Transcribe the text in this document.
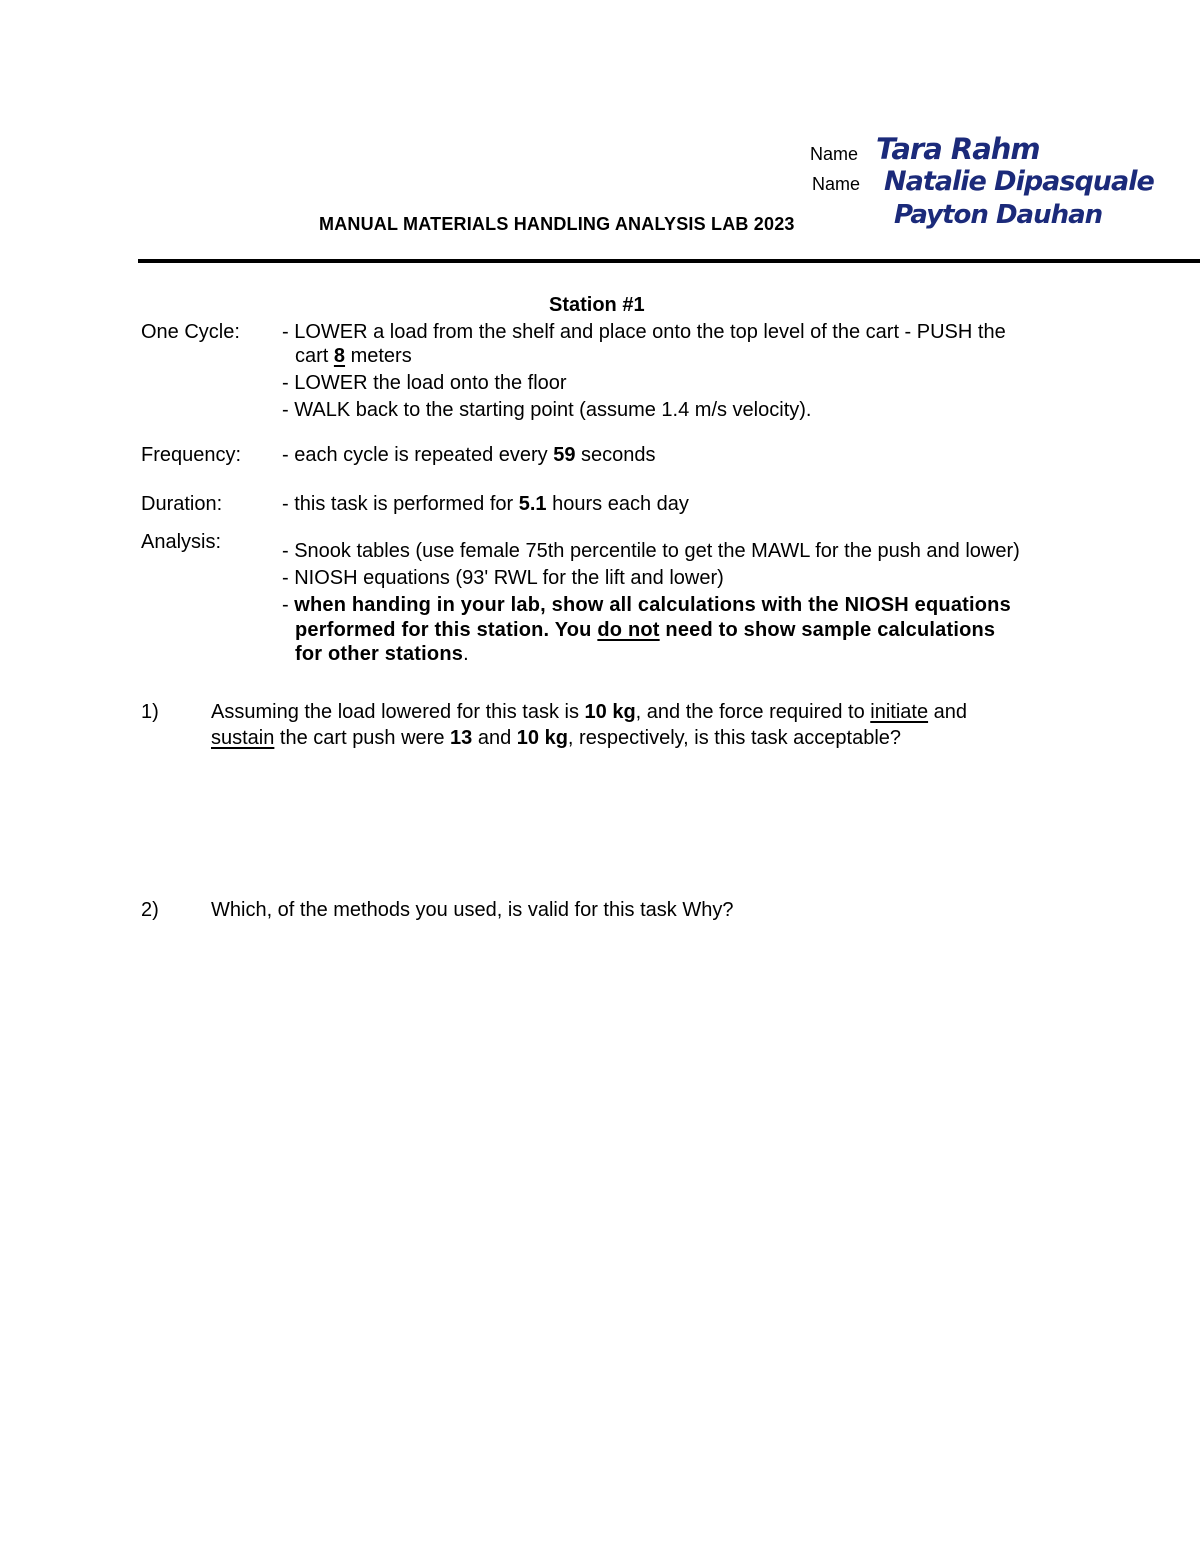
Name Tara Rahm
Name Natalie Dipasquale
MANUAL MATERIALS HANDLING ANALYSIS LAB 2023	Payton Dauhan
Station #1
One Cycle: - LOWER a load from the shelf and place onto the top level of the cart - PUSH the
cart 8 meters
- LOWER the load onto the floor
- WALK back to the starting point (assume 1.4 m/s velocity).
Frequency: - each cycle is repeated every 59 seconds
Duration:	- this task is performed for 5.1 hours each day
Analysis:	- Snook tables (use female 75th percentile to get the MAWL for the push and lower)
- NIOSH equations (93' RWL for the lift and lower)
- when handing in your lab, show all calculations with the NIOSH equations
performed for this station. You do not need to show sample calculations
for other stations.
1)	Assuming the load lowered for this task is 10 kg, and the force required to initiate and
sustain the cart push were 13 and 10 kg, respectively, is this task acceptable?
2)	Which, of the methods you used, is valid for this task Why?
